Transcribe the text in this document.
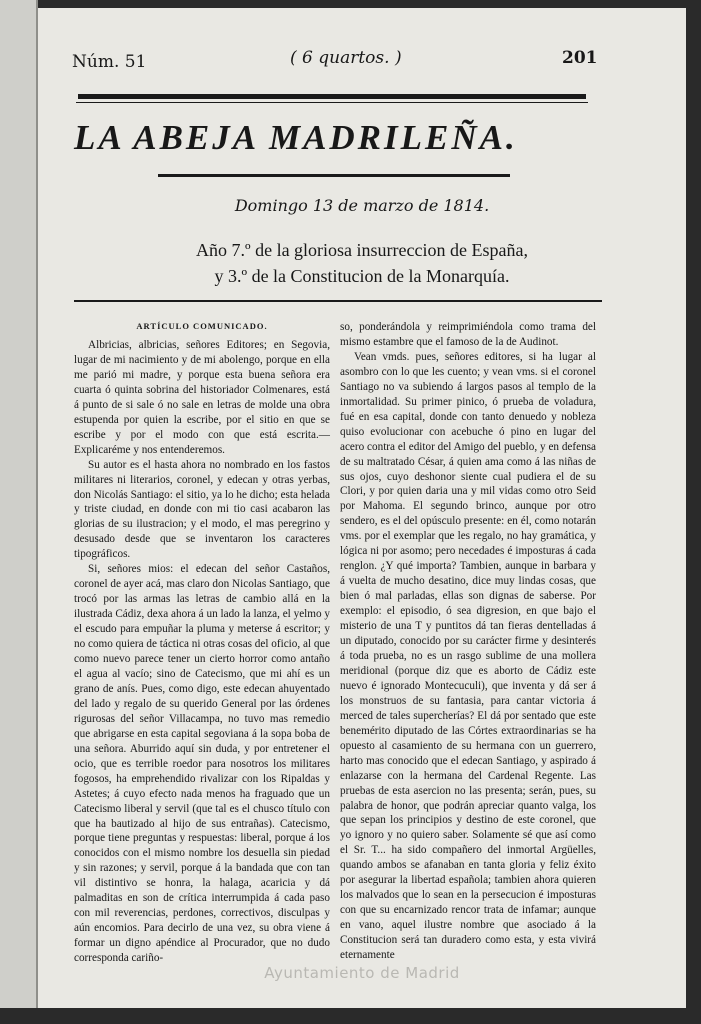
Núm. 51	( 6 quartos. )	201
LA ABEJA MADRILEÑA.
Domingo 13 de marzo de 1814.
Año 7.º de la gloriosa insurreccion de España,
y 3.º de la Constitucion de la Monarquía.
ARTÍCULO COMUNICADO.

Albricias, albricias, señores Editores; en Segovia, lugar de mi nacimiento y de mi abolengo, porque en ella me parió mi madre, y porque esta buena señora era cuarta ó quinta sobrina del historiador Colmenares, está á punto de si sale ó no sale en letras de molde una obra estupenda por quien la escribe, por el sitio en que se escribe y por el modo con que está escrita.—Explicaréme y nos entenderemos.

Su autor es el hasta ahora no nombrado en los fastos militares ni literarios, coronel, y edecan y otras yerbas, don Nicolás Santiago: el sitio, ya lo he dicho; esta helada y triste ciudad, en donde con mi tio casi acabaron las glorias de su ilustracion; y el modo, el mas peregrino y desusado desde que se inventaron los caracteres tipográficos.

Si, señores mios: el edecan del señor Castaños, coronel de ayer acá, mas claro don Nicolas Santiago, que trocó por las armas las letras de cambio allá en la ilustrada Cádiz, dexa ahora á un lado la lanza, el yelmo y el escudo para empuñar la pluma y meterse á escritor; y no como quiera de táctica ni otras cosas del oficio, al que como nuevo parece tener un cierto horror como antaño el agua al vacío; sino de Catecismo, que mi ahí es un grano de anís. Pues, como digo, este edecan ahuyentado del lado y regalo de su querido General por las órdenes rigurosas del señor Villacampa, no tuvo mas remedio que abrigarse en esta capital segoviana á la sopa boba de una señora. Aburrido aquí sin duda, y por entretener el ocio, que es terrible roedor para nosotros los militares fogosos, ha emprehendido rivalizar con los Ripaldas y Astetes; á cuyo efecto nada menos ha fraguado que un Catecismo liberal y servil (que tal es el chusco título con que ha bautizado al hijo de sus entrañas). Catecismo, porque tiene preguntas y respuestas: liberal, porque á los conocidos con el mismo nombre los desuella sin piedad y sin razones; y servil, porque á la bandada que con tan vil distintivo se honra, la halaga, acaricia y dá palmaditas en son de crítica interrumpida á cada paso con mil reverencias, perdones, correctivos, disculpas y aún encomios. Para decirlo de una vez, su obra viene á formar un digno apéndice al Procurador, que no dudo corresponda cariño-

so, ponderándola y reimprimiéndola como trama del mismo estambre que el famoso de la de Audinot.

Vean vmds. pues, señores editores, si ha lugar al asombro con lo que les cuento; y vean vms. si el coronel Santiago no va subiendo á largos pasos al templo de la inmortalidad. Su primer pinico, ó prueba de voladura, fué en esa capital, donde con tanto denuedo y nobleza quiso evolucionar con acebuche ó pino en lugar del acero contra el editor del Amigo del pueblo, y en defensa de su maltratado César, á quien ama como á las niñas de sus ojos, cuyo deshonor siente cual pudiera el de su Clori, y por quien daria una y mil vidas como otro Seid por Mahoma. El segundo brinco, aunque por otro sendero, es el del opúsculo presente: en él, como notarán vms. por el exemplar que les regalo, no hay gramática, y lógica ni por asomo; pero necedades é imposturas á cada renglon. ¿Y qué importa? Tambien, aunque in barbara y á vuelta de mucho desatino, dice muy lindas cosas, que bien ó mal parladas, ellas son dignas de saberse. Por exemplo: el episodio, ó sea digresion, en que bajo el misterio de una T y puntitos dá tan fieras dentelladas á un diputado, conocido por su carácter firme y desinterés á toda prueba, no es un rasgo sublime de una mollera meridional (porque diz que es aborto de Cádiz este nuevo é ignorado Montecuculi), que inventa y dá ser á los monstruos de su fantasia, para cantar victoria á merced de tales supercherías? El dá por sentado que este benemérito diputado de las Córtes extraordinarias se ha opuesto al casamiento de su hermana con un guerrero, harto mas conocido que el edecan Santiago, y aspirado á enlazarse con la hermana del Cardenal Regente. Las pruebas de esta asercion no las presenta; serán, pues, su palabra de honor, que podrán apreciar quanto valga, los que sepan los principios y destino de este coronel, que yo ignoro y no quiero saber. Solamente sé que así como el Sr. T... ha sido compañero del inmortal Argüelles, quando ambos se afanaban en tanta gloria y feliz éxito por asegurar la libertad española; tambien ahora quieren los malvados que lo sean en la persecucion é imposturas con que su encarnizado rencor trata de infamar; aunque en vano, aquel ilustre nombre que asociado á la Constitucion será tan duradero como esta, y esta vivirá eternamente

Ayuntamiento de Madrid
